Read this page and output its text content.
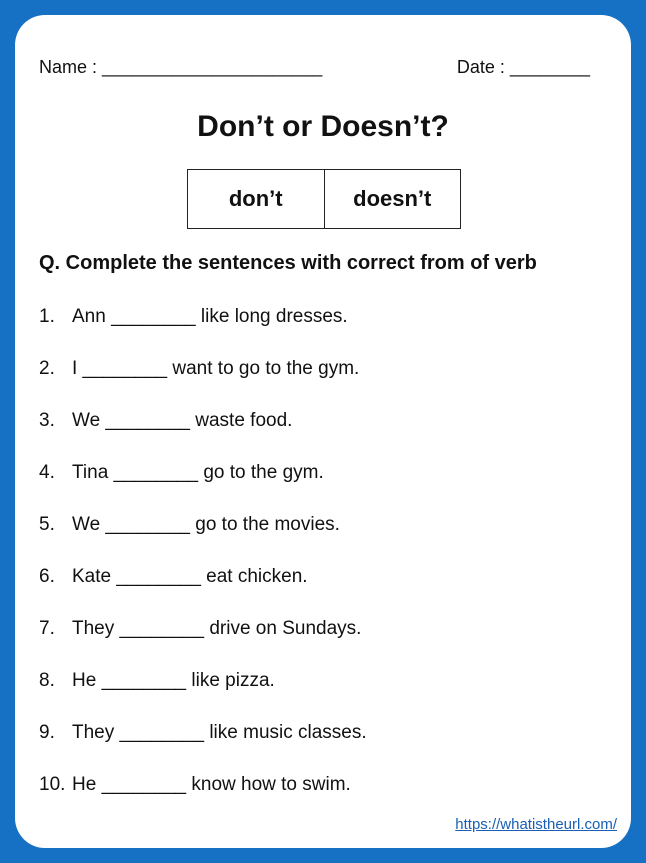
Name : ______________________	Date : ________
Don’t or Doesn’t?
don’t	doesn’t
Q. Complete the sentences with correct from of verb
1. Ann ________ like long dresses.
2. I ________ want to go to the gym.
3. We ________ waste food.
4. Tina ________ go to the gym.
5. We ________ go to the movies.
6. Kate ________ eat chicken.
7. They ________ drive on Sundays.
8. He ________ like pizza.
9. They ________ like music classes.
10. He ________ know how to swim.
https://whatistheurl.com/
